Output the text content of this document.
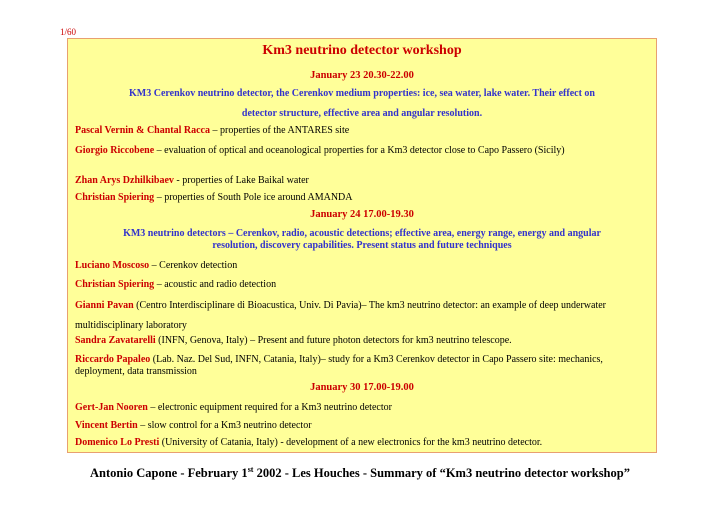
1/60
Km3 neutrino detector workshop
January 23 20.30-22.00
KM3 Cerenkov neutrino detector, the Cerenkov medium properties: ice, sea water, lake water. Their effect on
detector structure, effective area and angular resolution.
Pascal Vernin & Chantal Racca – properties of the ANTARES site
Giorgio Riccobene – evaluation of optical and oceanological properties for a Km3 detector close to Capo Passero (Sicily)
Zhan Arys Dzhilkibaev - properties of Lake Baikal water
Christian Spiering – properties of South Pole ice around AMANDA
January 24 17.00-19.30
KM3 neutrino detectors – Cerenkov, radio, acoustic detections; effective area, energy range, energy and angular
resolution, discovery capabilities. Present status and future techniques
Luciano Moscoso – Cerenkov detection
Christian Spiering – acoustic and radio detection
Gianni Pavan (Centro Interdisciplinare di Bioacustica, Univ. Di Pavia)– The km3 neutrino detector: an example of deep underwater multidisciplinary laboratory
Sandra Zavatarelli (INFN, Genova, Italy) – Present and future photon detectors for km3 neutrino telescope.
Riccardo Papaleo (Lab. Naz. Del Sud, INFN, Catania, Italy)– study for a Km3 Cerenkov detector in Capo Passero site: mechanics, deployment, data transmission
January 30 17.00-19.00
Gert-Jan Nooren – electronic equipment required for a Km3 neutrino detector
Vincent Bertin – slow control for a Km3 neutrino detector
Domenico Lo Presti (University of Catania, Italy) - development of a new electronics for the km3 neutrino detector.
Antonio Capone - February 1st 2002 - Les Houches - Summary of “Km3 neutrino detector workshop”
